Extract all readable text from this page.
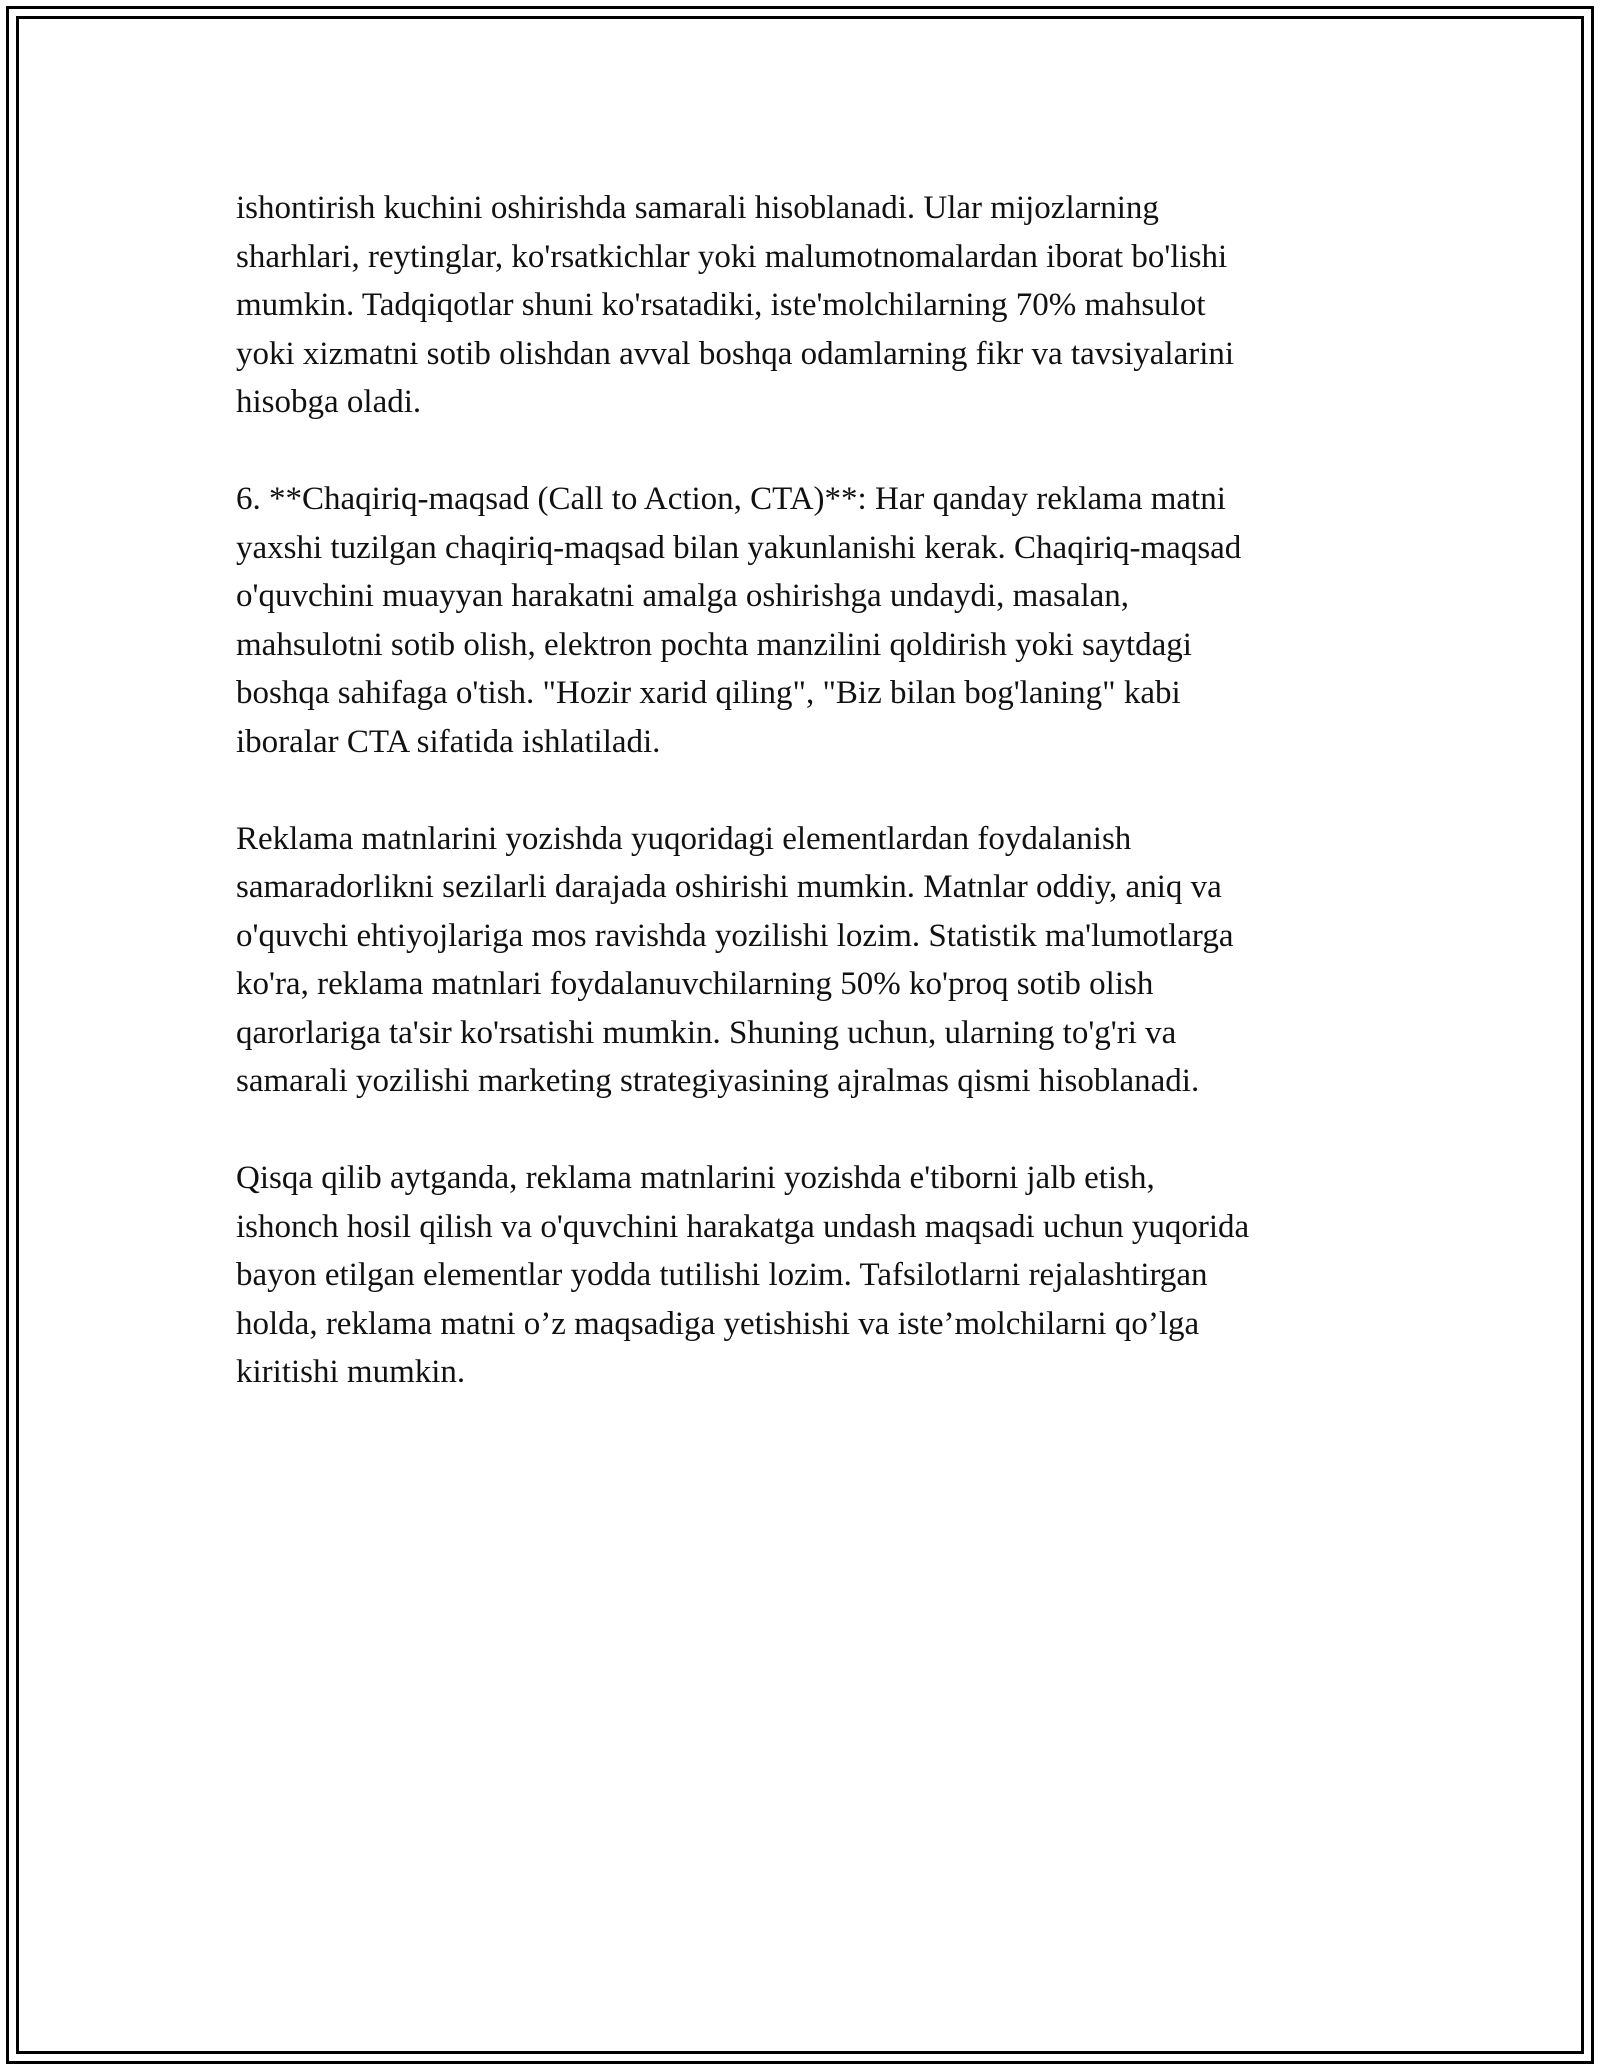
ishontirish kuchini oshirishda samarali hisoblanadi. Ular mijozlarning
sharhlari, reytinglar, ko'rsatkichlar yoki malumotnomalardan iborat bo'lishi
mumkin. Tadqiqotlar shuni ko'rsatadiki, iste'molchilarning 70% mahsulot
yoki xizmatni sotib olishdan avval boshqa odamlarning fikr va tavsiyalarini
hisobga oladi.

6. **Chaqiriq-maqsad (Call to Action, CTA)**: Har qanday reklama matni
yaxshi tuzilgan chaqiriq-maqsad bilan yakunlanishi kerak. Chaqiriq-maqsad
o'quvchini muayyan harakatni amalga oshirishga undaydi, masalan,
mahsulotni sotib olish, elektron pochta manzilini qoldirish yoki saytdagi
boshqa sahifaga o'tish. "Hozir xarid qiling", "Biz bilan bog'laning" kabi
iboralar CTA sifatida ishlatiladi.

Reklama matnlarini yozishda yuqoridagi elementlardan foydalanish
samaradorlikni sezilarli darajada oshirishi mumkin. Matnlar oddiy, aniq va
o'quvchi ehtiyojlariga mos ravishda yozilishi lozim. Statistik ma'lumotlarga
ko'ra, reklama matnlari foydalanuvchilarning 50% ko'proq sotib olish
qarorlariga ta'sir ko'rsatishi mumkin. Shuning uchun, ularning to'g'ri va
samarali yozilishi marketing strategiyasining ajralmas qismi hisoblanadi.

Qisqa qilib aytganda, reklama matnlarini yozishda e'tiborni jalb etish,
ishonch hosil qilish va o'quvchini harakatga undash maqsadi uchun yuqorida
bayon etilgan elementlar yodda tutilishi lozim. Tafsilotlarni rejalashtirgan
holda, reklama matni o’z maqsadiga yetishishi va iste’molchilarni qo’lga
kiritishi mumkin.
